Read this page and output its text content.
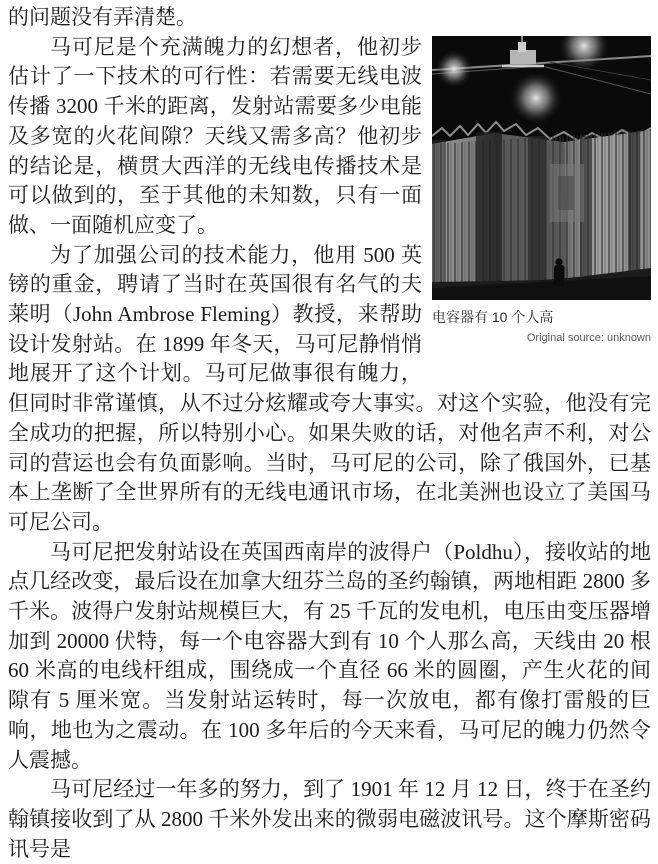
电容器有 10 个人高
Original source: unknown

的问题没有弄清楚。

马可尼是个充满魄力的幻想者，他初步估计了一下技术的可行性：若需要无线电波传播 3200 千米的距离，发射站需要多少电能及多宽的火花间隙？天线又需多高？他初步的结论是，横贯大西洋的无线电传播技术是可以做到的，至于其他的未知数，只有一面做、一面随机应变了。

为了加强公司的技术能力，他用 500 英镑的重金，聘请了当时在英国很有名气的夫莱明（John Ambrose Fleming）教授，来帮助设计发射站。在 1899 年冬天，马可尼静悄悄地展开了这个计划。马可尼做事很有魄力，但同时非常谨慎，从不过分炫耀或夸大事实。对这个实验，他没有完全成功的把握，所以特别小心。如果失败的话，对他名声不利，对公司的营运也会有负面影响。当时，马可尼的公司，除了俄国外，已基本上垄断了全世界所有的无线电通讯市场，在北美洲也设立了美国马可尼公司。

马可尼把发射站设在英国西南岸的波得户（Poldhu），接收站的地点几经改变，最后设在加拿大纽芬兰岛的圣约翰镇，两地相距 2800 多千米。波得户发射站规模巨大，有 25 千瓦的发电机，电压由变压器增加到 20000 伏特，每一个电容器大到有 10 个人那么高，天线由 20 根 60 米高的电线杆组成，围绕成一个直径 66 米的圆圈，产生火花的间隙有 5 厘米宽。当发射站运转时，每一次放电，都有像打雷般的巨响，地也为之震动。在 100 多年后的今天来看，马可尼的魄力仍然令人震撼。

马可尼经过一年多的努力，到了 1901 年 12 月 12 日，终于在圣约翰镇接收到了从 2800 千米外发出来的微弱电磁波讯号。这个摩斯密码讯号是
